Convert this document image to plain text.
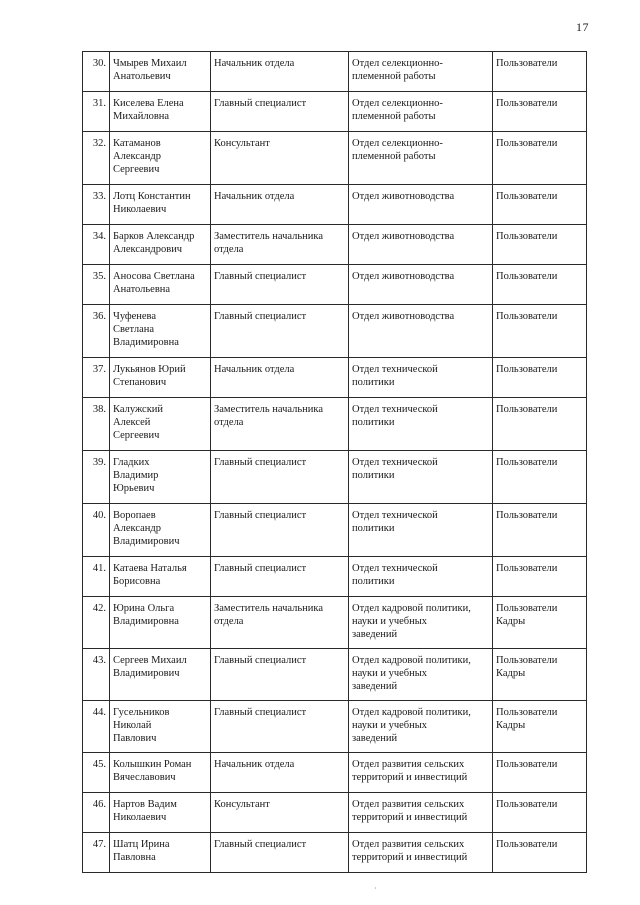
17
30.	Чмырев Михаил
Анатольевич	Начальник отдела	Отдел селекционно-
племенной работы	Пользователи

31.	Киселева Елена
Михайловна	Главный специалист	Отдел селекционно-
племенной работы	Пользователи

32.	Катаманов
Александр
Сергеевич	Консультант	Отдел селекционно-
племенной работы	Пользователи

33.	Лотц Константин
Николаевич	Начальник отдела	Отдел животноводства	Пользователи

34.	Барков Александр
Александрович	Заместитель начальника
отдела	Отдел животноводства	Пользователи

35.	Аносова Светлана
Анатольевна	Главный специалист	Отдел животноводства	Пользователи

36.	Чуфенева
Светлана
Владимировна	Главный специалист	Отдел животноводства	Пользователи

37.	Лукьянов Юрий
Степанович	Начальник отдела	Отдел технической
политики	Пользователи

38.	Калужский
Алексей
Сергеевич	Заместитель начальника
отдела	Отдел технической
политики	Пользователи

39.	Гладких
Владимир
Юрьевич	Главный специалист	Отдел технической
политики	Пользователи

40.	Воропаев
Александр
Владимирович	Главный специалист	Отдел технической
политики	Пользователи

41.	Катаева Наталья
Борисовна	Главный специалист	Отдел технической
политики	Пользователи

42.	Юрина Ольга
Владимировна	Заместитель начальника
отдела	Отдел кадровой политики,
науки и учебных
заведений	Пользователи
Кадры

43.	Сергеев Михаил
Владимирович	Главный специалист	Отдел кадровой политики,
науки и учебных
заведений	Пользователи
Кадры

44.	Гусельников
Николай
Павлович	Главный специалист	Отдел кадровой политики,
науки и учебных
заведений	Пользователи
Кадры

45.	Колышкин Роман
Вячеславович	Начальник отдела	Отдел развития сельских
территорий и инвестиций	Пользователи

46.	Нартов Вадим
Николаевич	Консультант	Отдел развития сельских
территорий и инвестиций	Пользователи

47.	Шатц Ирина
Павловна	Главный специалист	Отдел развития сельских
территорий и инвестиций	Пользователи
·
